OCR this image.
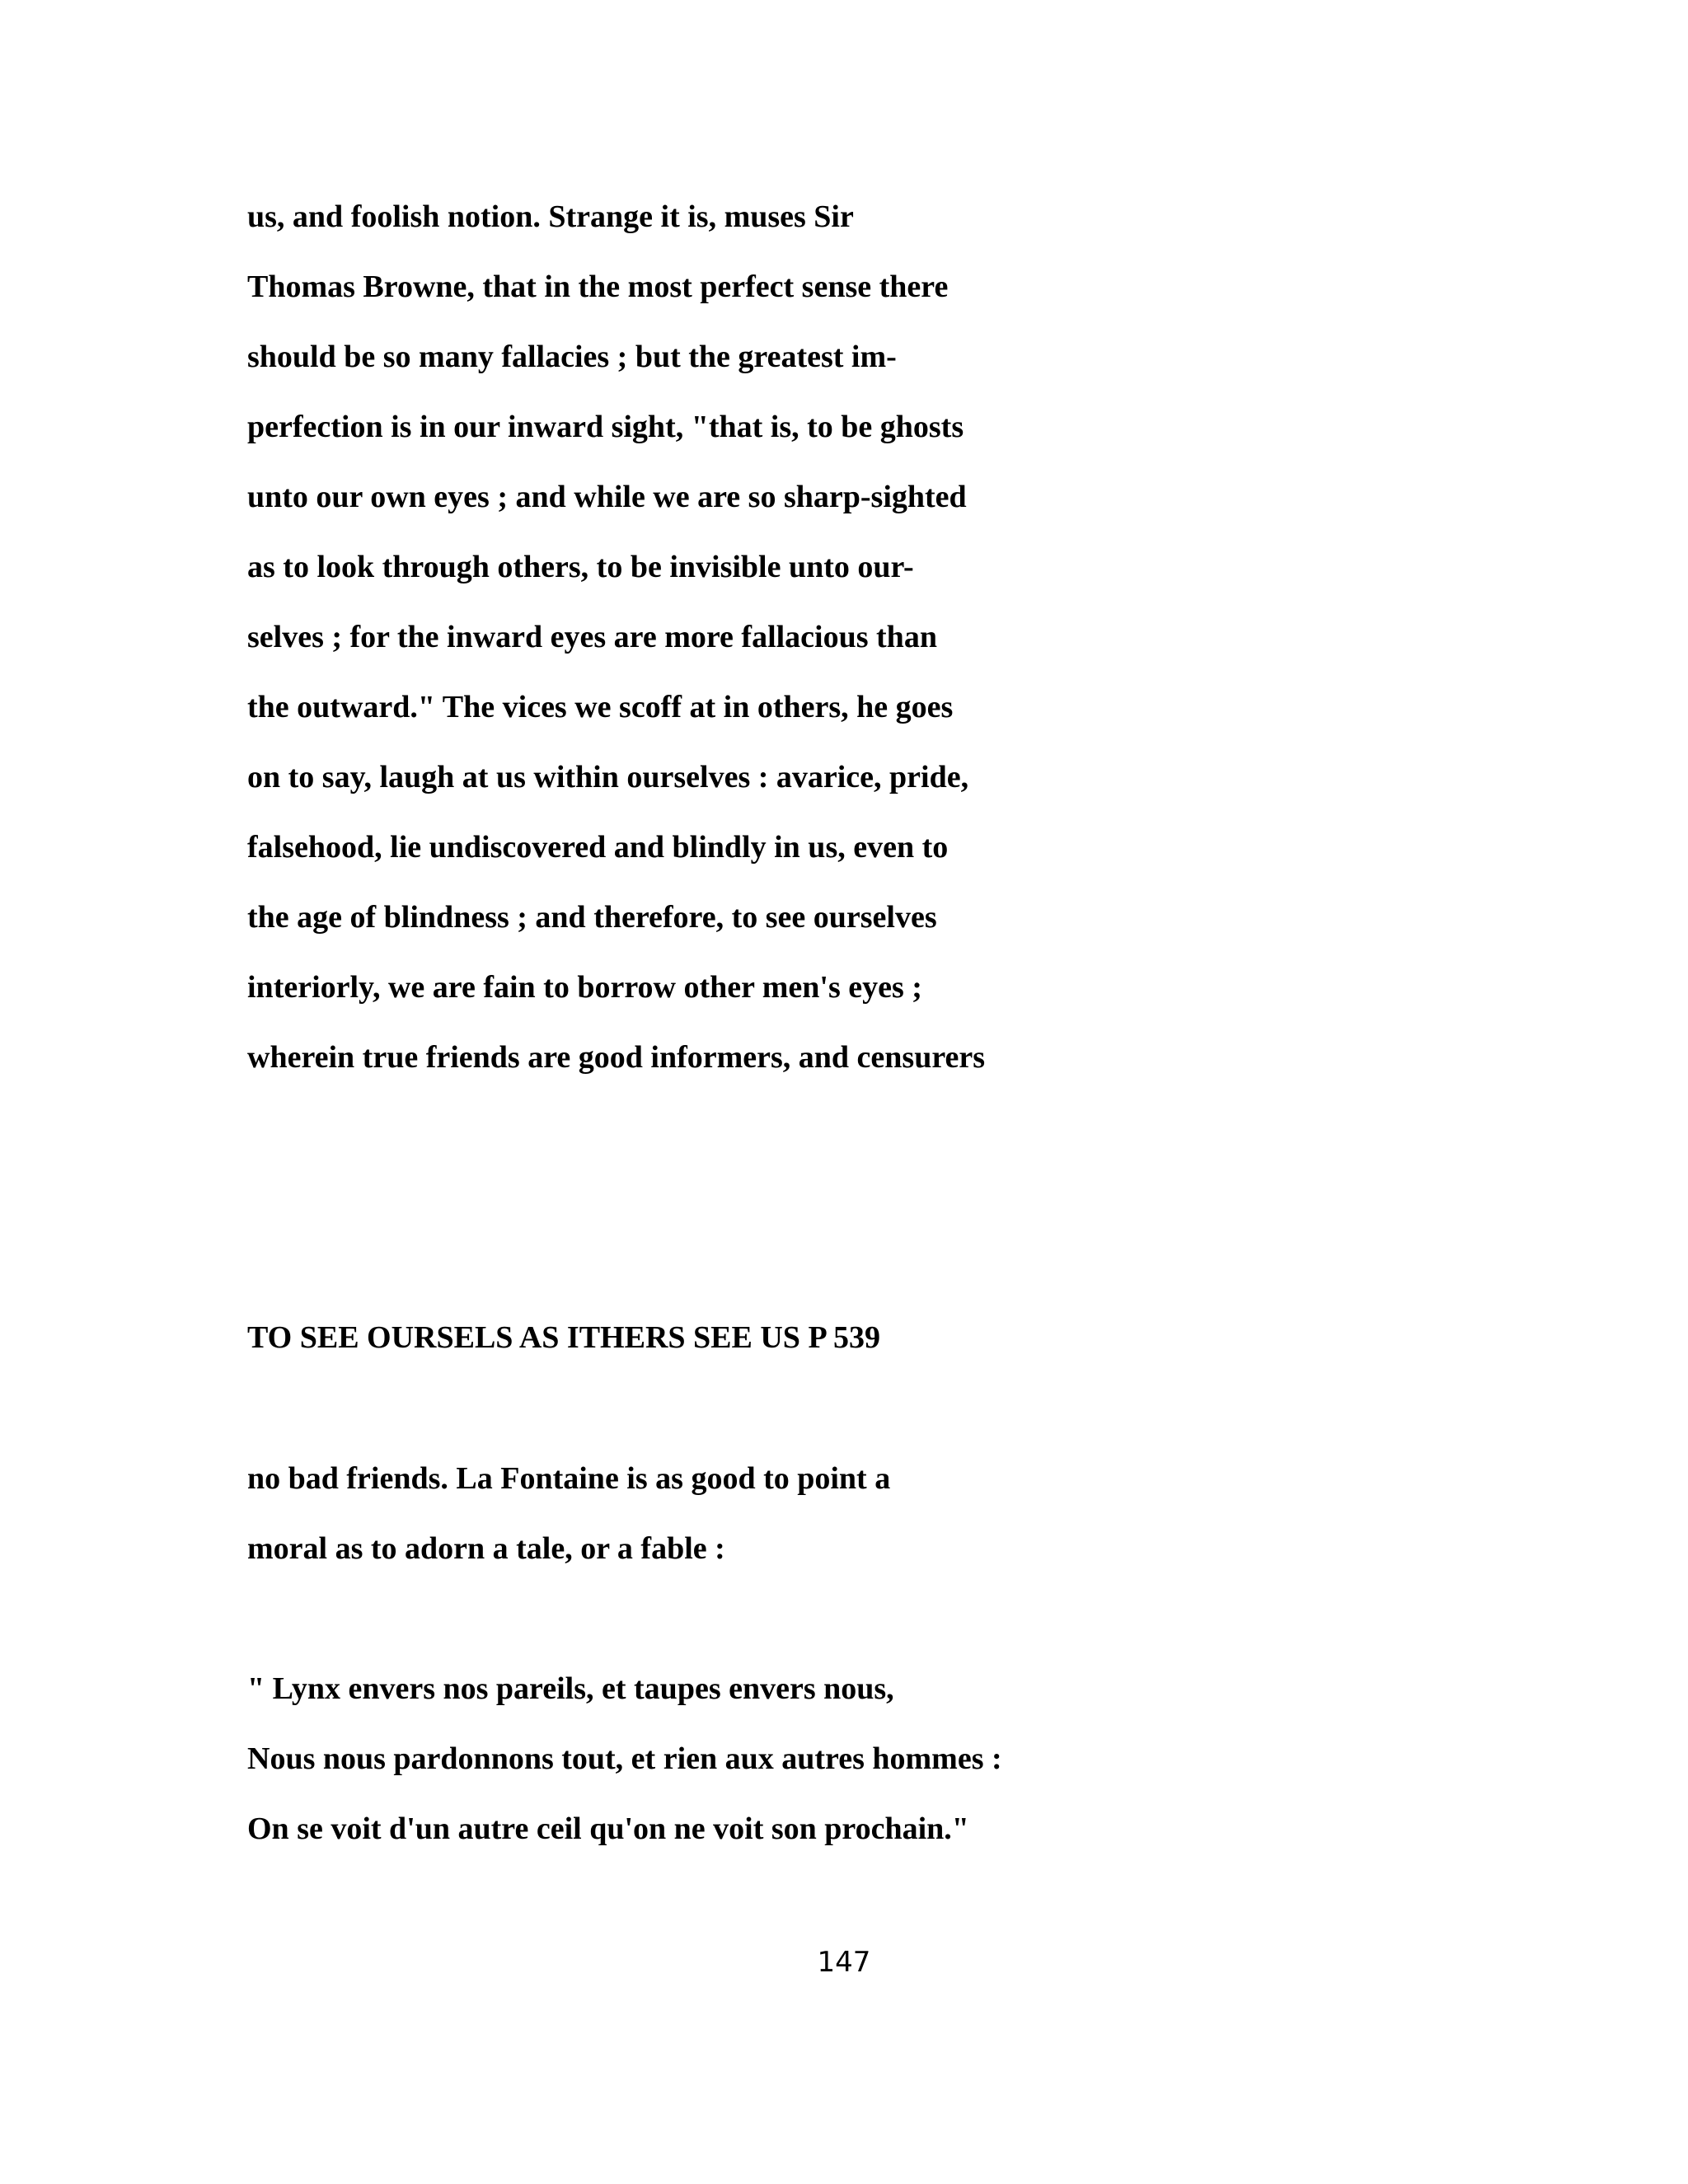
us, and foolish notion. Strange it is, muses Sir

Thomas Browne, that in the most perfect sense there

should be so many fallacies ; but the greatest im-

perfection is in our inward sight, "that is, to be ghosts

unto our own eyes ; and while we are so sharp-sighted

as to look through others, to be invisible unto our-

selves ; for the inward eyes are more fallacious than

the outward." The vices we scoff at in others, he goes

on to say, laugh at us within ourselves : avarice, pride,

falsehood, lie undiscovered and blindly in us, even to

the age of blindness ; and therefore, to see ourselves

interiorly, we are fain to borrow other men's eyes ;

wherein true friends are good informers, and censurers

TO SEE OURSELS AS ITHERS SEE US P 539

no bad friends. La Fontaine is as good to point a

moral as to adorn a tale, or a fable :

" Lynx envers nos pareils, et taupes envers nous,

Nous nous pardonnons tout, et rien aux autres hommes :

On se voit d'un autre ceil qu'on ne voit son prochain."

147
